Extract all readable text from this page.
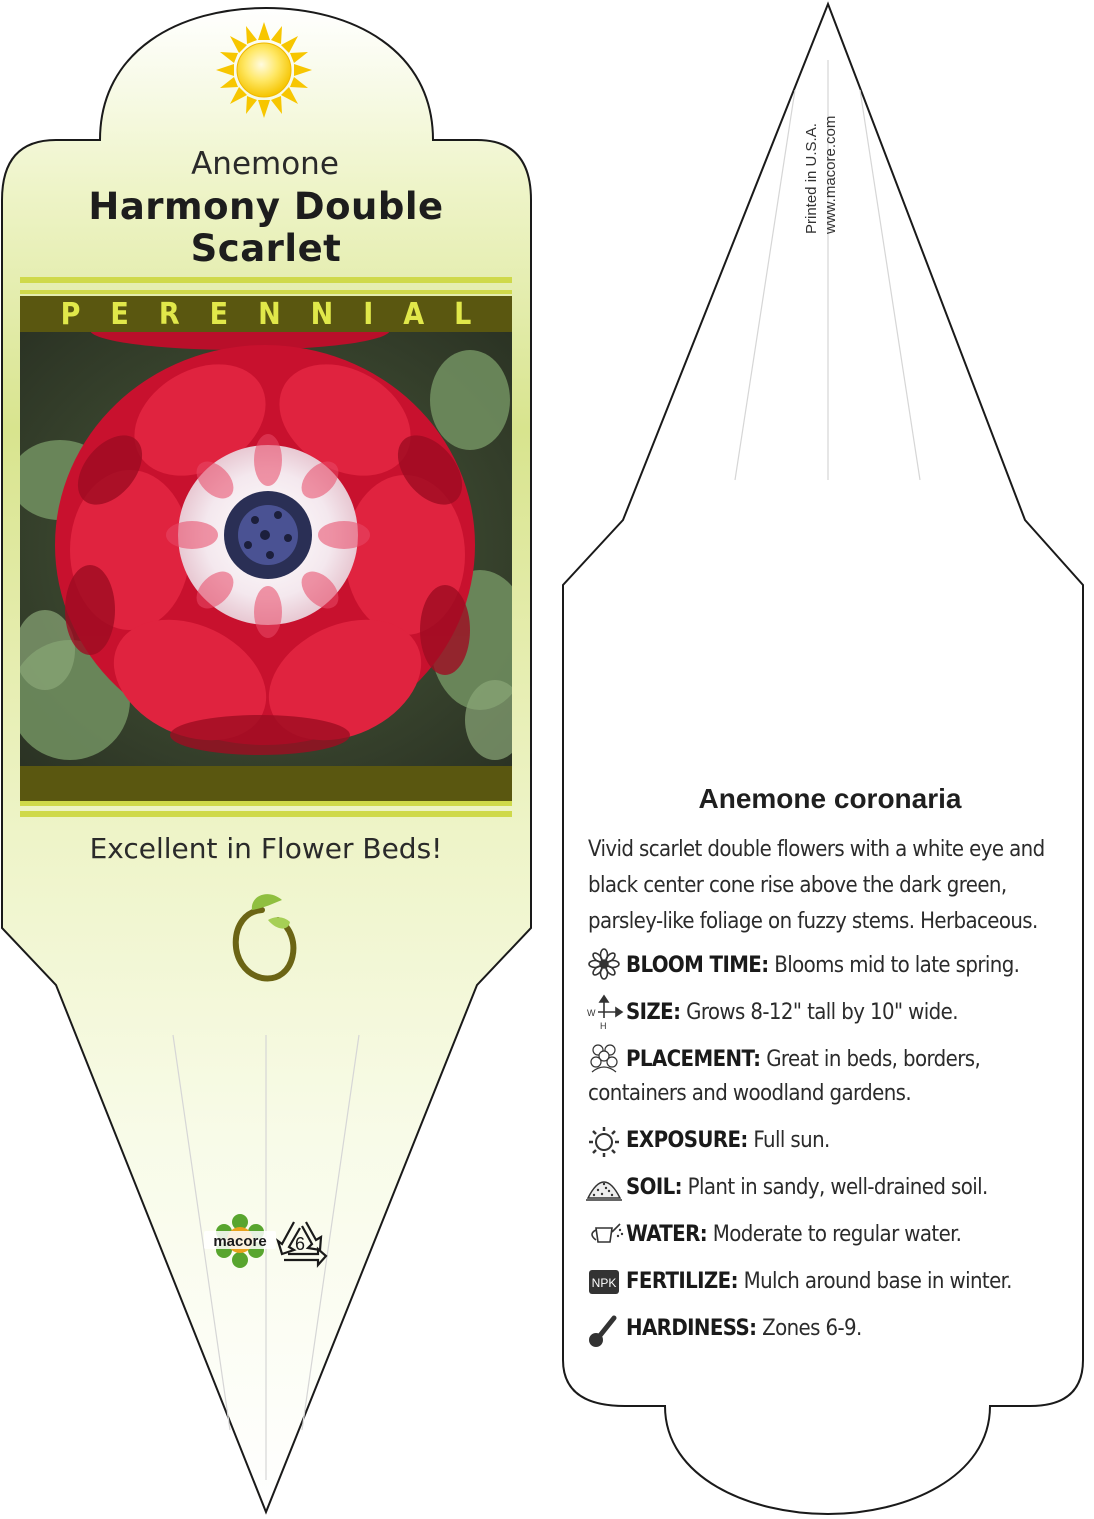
macore 6
W
H
NPK
Anemone
Harmony Double
Scarlet
PERENNIAL
Excellent in Flower Beds!
Printed in U.S.A. www.macore.com
Anemone coronaria
Vivid scarlet double flowers with a white eye and black center cone rise above the dark green, parsley-like foliage on fuzzy stems. Herbaceous.
BLOOM TIME: Blooms mid to late spring.
SIZE: Grows 8-12" tall by 10" wide.
PLACEMENT: Great in beds, borders, containers and woodland gardens.
EXPOSURE: Full sun.
SOIL: Plant in sandy, well-drained soil.
WATER: Moderate to regular water.
FERTILIZE: Mulch around base in winter.
HARDINESS: Zones 6-9.
